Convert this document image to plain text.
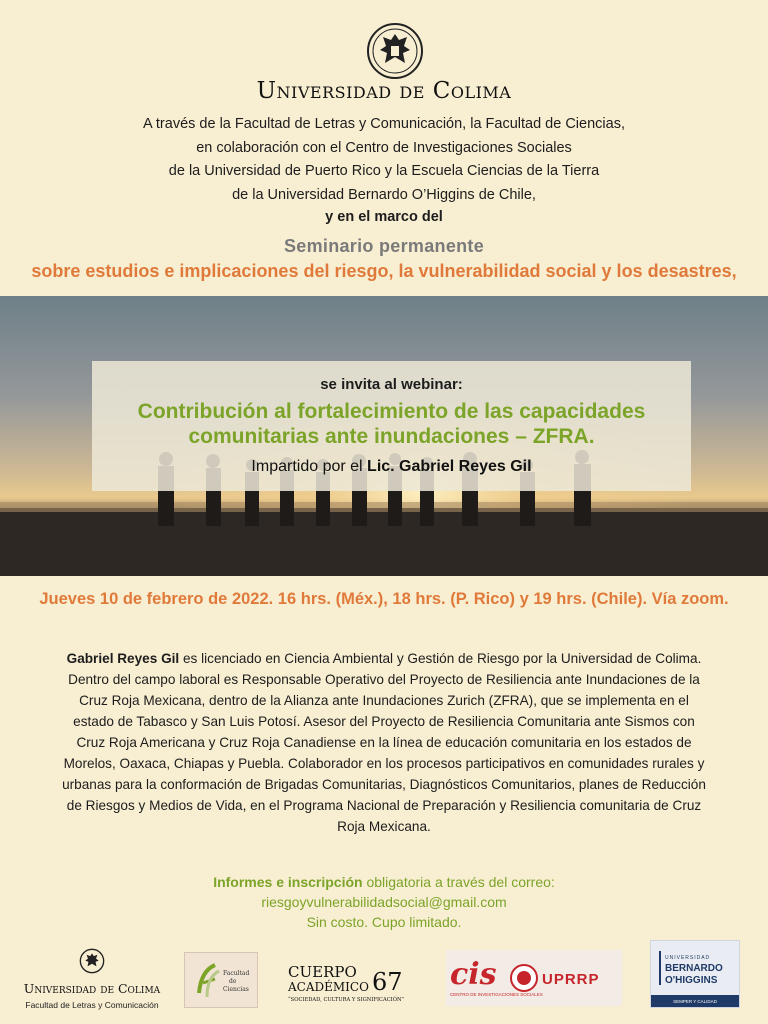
Universidad de Colima
A través de la Facultad de Letras y Comunicación, la Facultad de Ciencias,
en colaboración con el Centro de Investigaciones Sociales
de la Universidad de Puerto Rico y la Escuela Ciencias de la Tierra
de la Universidad Bernardo O’Higgins de Chile,
y en el marco del
Seminario permanente
sobre estudios e implicaciones del riesgo, la vulnerabilidad social y los desastres,
se invita al webinar:
Contribución al fortalecimiento de las capacidades
comunitarias ante inundaciones – ZFRA.
Impartido por el Lic. Gabriel Reyes Gil
Jueves 10 de febrero de 2022. 16 hrs. (Méx.), 18 hrs. (P. Rico) y 19 hrs. (Chile). Vía zoom.
Gabriel Reyes Gil es licenciado en Ciencia Ambiental y Gestión de Riesgo por la Universidad de Colima. Dentro del campo laboral es Responsable Operativo del Proyecto de Resiliencia ante Inundaciones de la Cruz Roja Mexicana, dentro de la Alianza ante Inundaciones Zurich (ZFRA), que se implementa en el estado de Tabasco y San Luis Potosí. Asesor del Proyecto de Resiliencia Comunitaria ante Sismos con Cruz Roja Americana y Cruz Roja Canadiense en la línea de educación comunitaria en los estados de Morelos, Oaxaca, Chiapas y Puebla. Colaborador en los procesos participativos en comunidades rurales y urbanas para la conformación de Brigadas Comunitarias, Diagnósticos Comunitarios, planes de Reducción de Riesgos y Medios de Vida, en el Programa Nacional de Preparación y Resiliencia comunitaria de Cruz Roja Mexicana.
Informes e inscripción obligatoria a través del correo:
riesgoyvulnerabilidadsocial@gmail.com
Sin costo. Cupo limitado.
Universidad de Colima
Facultad de Letras y Comunicación
Facultad
de
Ciencias
CUERPO
ACADÉMICO 67
“SOCIEDAD, CULTURA Y SIGNIFICACIÓN”
cis
CENTRO DE INVESTIGACIONES SOCIALES
UPRRP
UNIVERSIDAD
BERNARDO
O'HIGGINS
SEMPER Y CALIDAD
